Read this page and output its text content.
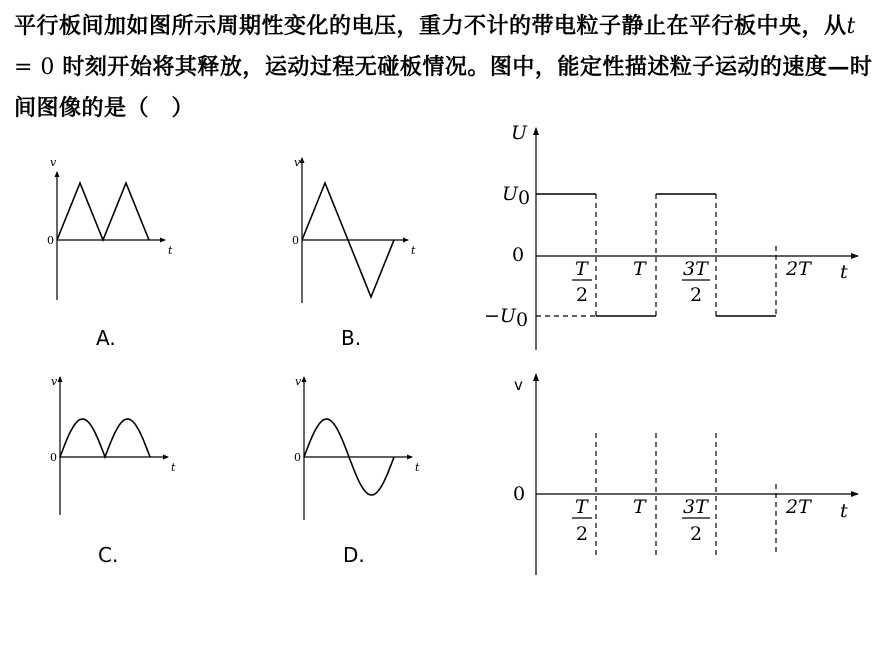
平行板间加如图所示周期性变化的电压，重力不计的带电粒子静止在平行板中央，从t = 0 时刻开始将其释放，运动过程无碰板情况。图中，能定性描述粒子运动的速度—时间图像的是（　）
v
t
0
A.
v
t
0
B.
v
t
0
C.
v
t
0
D.
U
t
0
U0
−U0
T
2
T 3T
2
2T
v
t
0
T
2
T 3T
2
2T
